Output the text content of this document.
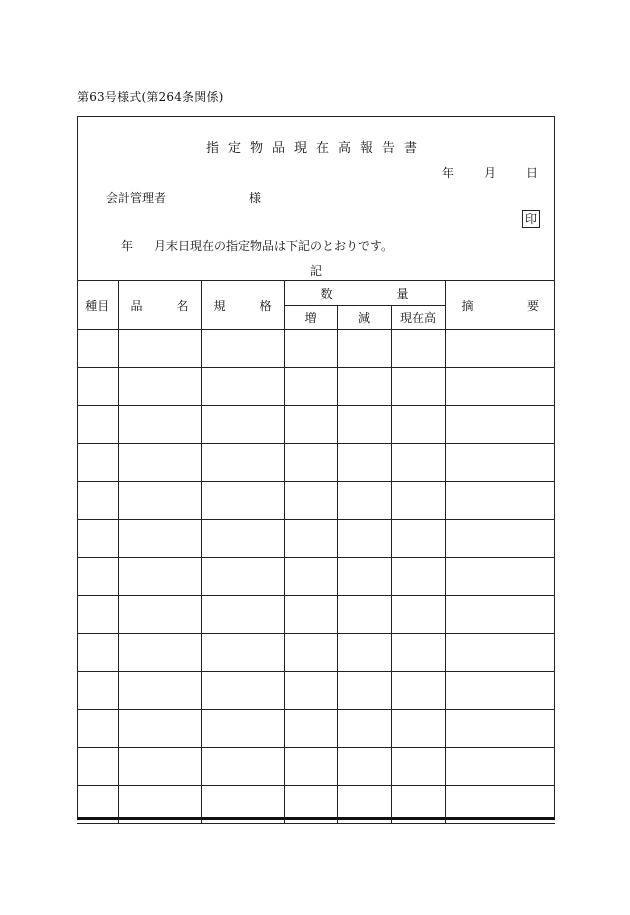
第63号様式(第264条関係)
指定物品現在高報告書
年	月	日
会計管理者	様
印
年 月末日現在の指定物品は下記のとおりです。
記
種目	品 名	規 格	数 量			摘 要

			増	減	現在高	
